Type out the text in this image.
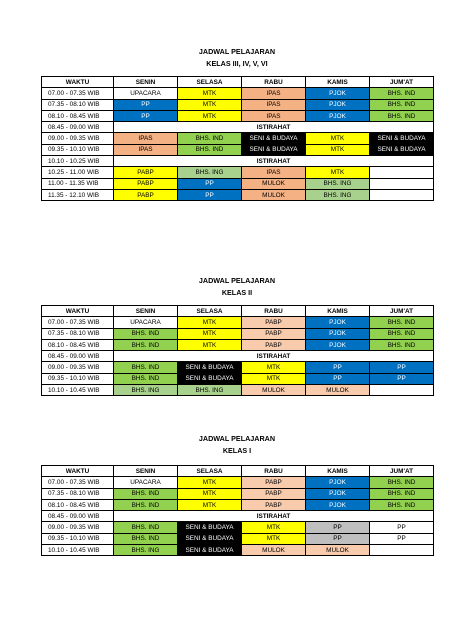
JADWAL PELAJARAN
KELAS III, IV, V, VI
WAKTU	SENIN	SELASA	RABU	KAMIS	JUM'AT
07.00 - 07.35 WIB	UPACARA	MTK	IPAS	PJOK	BHS. IND
07.35 - 08.10 WIB	PP	MTK	IPAS	PJOK	BHS. IND
08.10 - 08.45 WIB	PP	MTK	IPAS	PJOK	BHS. IND
08.45 - 09.00 WIB	ISTIRAHAT				
09.00 - 09.35 WIB	IPAS	BHS. IND	SENI & BUDAYA	MTK	SENI & BUDAYA
09.35 - 10.10 WIB	IPAS	BHS. IND	SENI & BUDAYA	MTK	SENI & BUDAYA
10.10 - 10.25 WIB	ISTIRAHAT				
10.25 - 11.00 WIB	PABP	BHS. ING	IPAS	MTK	
11.00 - 11.35 WIB	PABP	PP	MULOK	BHS. ING	
11.35 - 12.10 WIB	PABP	PP	MULOK	BHS. ING	
JADWAL PELAJARAN
KELAS II
WAKTU	SENIN	SELASA	RABU	KAMIS	JUM'AT
07.00 - 07.35 WIB	UPACARA	MTK	PABP	PJOK	BHS. IND
07.35 - 08.10 WIB	BHS. IND	MTK	PABP	PJOK	BHS. IND
08.10 - 08.45 WIB	BHS. IND	MTK	PABP	PJOK	BHS. IND
08.45 - 09.00 WIB	ISTIRAHAT				
09.00 - 09.35 WIB	BHS. IND	SENI & BUDAYA	MTK	PP	PP
09.35 - 10.10 WIB	BHS. IND	SENI & BUDAYA	MTK	PP	PP
10.10 - 10.45 WIB	BHS. ING	BHS. ING	MULOK	MULOK	
JADWAL PELAJARAN
KELAS I
WAKTU	SENIN	SELASA	RABU	KAMIS	JUM'AT
07.00 - 07.35 WIB	UPACARA	MTK	PABP	PJOK	BHS. IND
07.35 - 08.10 WIB	BHS. IND	MTK	PABP	PJOK	BHS. IND
08.10 - 08.45 WIB	BHS. IND	MTK	PABP	PJOK	BHS. IND
08.45 - 09.00 WIB	ISTIRAHAT				
09.00 - 09.35 WIB	BHS. IND	SENI & BUDAYA	MTK	PP	PP
09.35 - 10.10 WIB	BHS. IND	SENI & BUDAYA	MTK	PP	PP
10.10 - 10.45 WIB	BHS. ING	SENI & BUDAYA	MULOK	MULOK	
